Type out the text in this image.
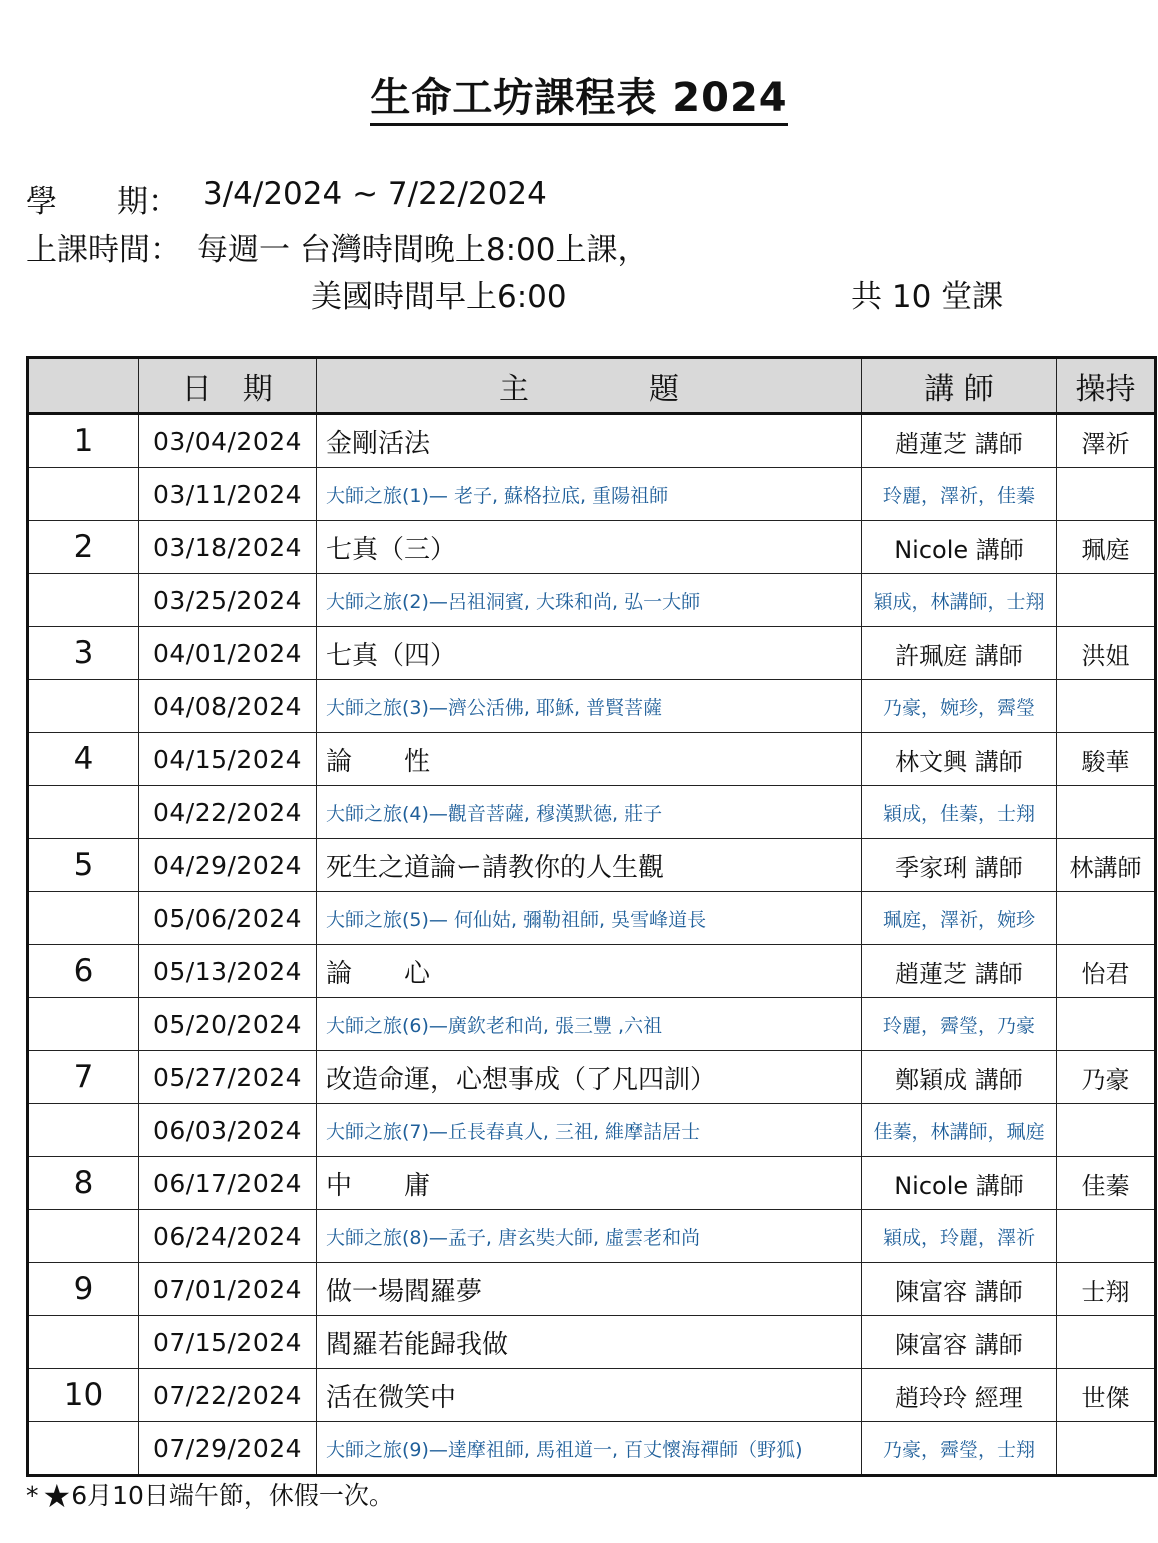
生命工坊課程表 2024
學 期： 3/4/2024 ~ 7/22/2024
上課時間： 每週一 台灣時間晚上8:00上課，
美國時間早上6:00	共 10 堂課
	日　期	主　　　　題	講 師	操持
1	03/04/2024	金剛活法	趙蓮芝 講師	澤祈
	03/11/2024	大師之旅(1)— 老子, 蘇格拉底, 重陽祖師	玲麗，澤祈，佳蓁	
2	03/18/2024	七真（三）	Nicole 講師	珮庭
	03/25/2024	大師之旅(2)—呂祖洞賓, 大珠和尚, 弘一大師	穎成，林講師，士翔	
3	04/01/2024	七真（四）	許珮庭 講師	洪姐
	04/08/2024	大師之旅(3)—濟公活佛, 耶穌, 普賢菩薩	乃豪，婉珍，霽瑩	
4	04/15/2024	論　　性	林文興 講師	駿華
	04/22/2024	大師之旅(4)—觀音菩薩, 穆漢默德, 莊子	穎成，佳蓁，士翔	
5	04/29/2024	死生之道論ー請教你的人生觀	季家琍 講師	林講師
	05/06/2024	大師之旅(5)— 何仙姑, 彌勒祖師, 吳雪峰道長	珮庭，澤祈，婉珍	
6	05/13/2024	論　　心	趙蓮芝 講師	怡君
	05/20/2024	大師之旅(6)—廣欽老和尚, 張三豐 ,六祖	玲麗，霽瑩，乃豪	
7	05/27/2024	改造命運，心想事成（了凡四訓）	鄭穎成 講師	乃豪
	06/03/2024	大師之旅(7)—丘長春真人, 三祖, 維摩詰居士	佳蓁，林講師，珮庭	
8	06/17/2024	中　　庸	Nicole 講師	佳蓁
	06/24/2024	大師之旅(8)—孟子, 唐玄奘大師, 虛雲老和尚	穎成，玲麗，澤祈	
9	07/01/2024	做一場閻羅夢	陳富容 講師	士翔
	07/15/2024	閻羅若能歸我做	陳富容 講師	
10	07/22/2024	活在微笑中	趙玲玲 經理	世傑
	07/29/2024	大師之旅(9)—達摩祖師, 馬祖道一, 百丈懷海禪師（野狐)	乃豪，霽瑩，士翔	
* ★6月10日端午節，休假一次。
